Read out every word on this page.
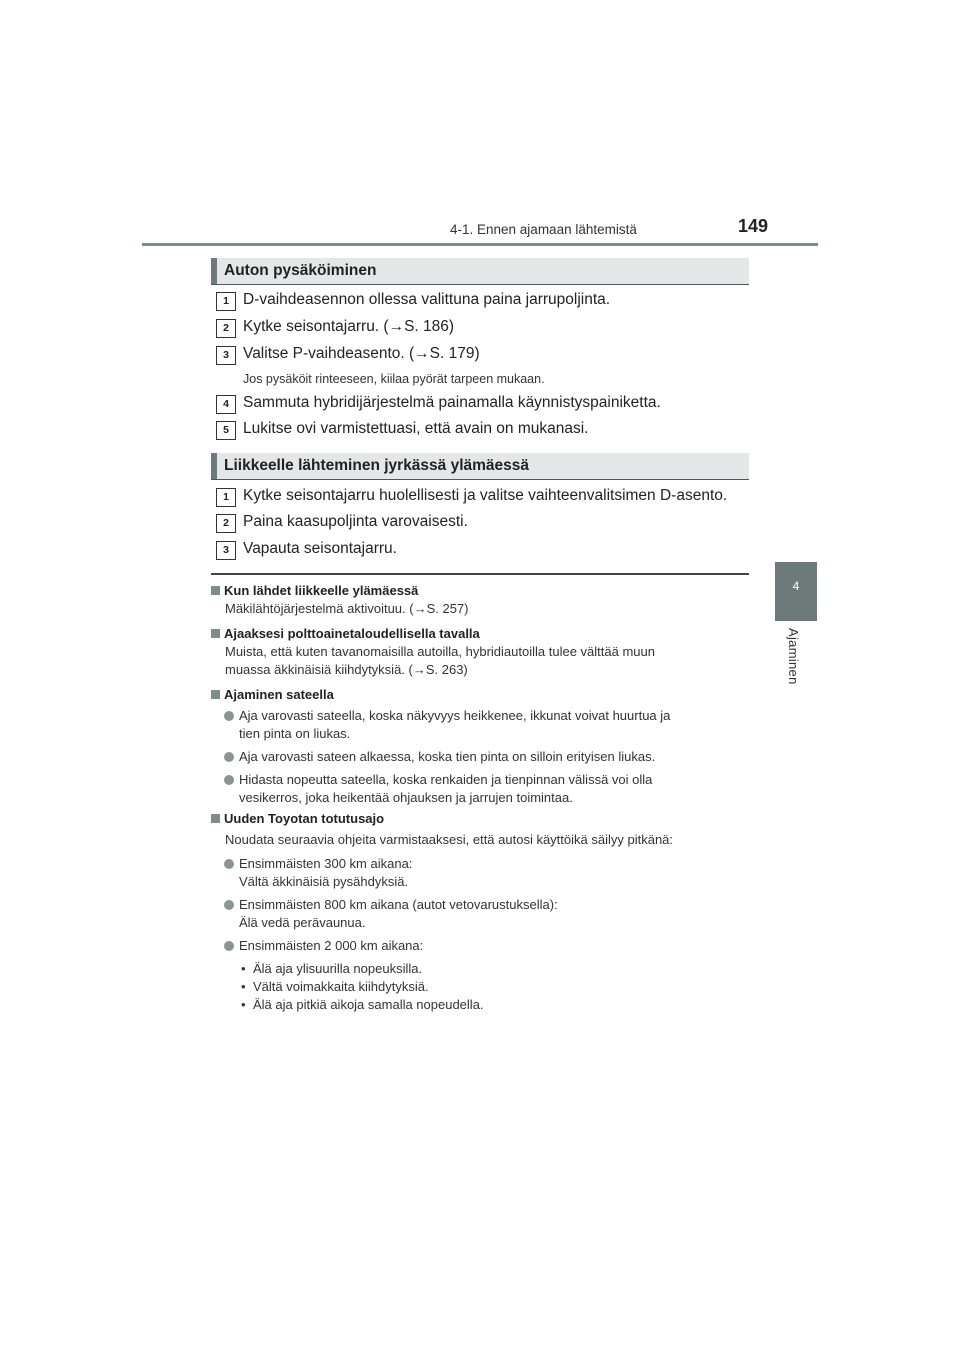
4-1. Ennen ajamaan lähtemistä	149
4
Ajaminen
Auton pysäköiminen
1 D-vaihdeasennon ollessa valittuna paina jarrupoljinta.
2 Kytke seisontajarru. (→S. 186)
3 Valitse P-vaihdeasento. (→S. 179)
Jos pysäköit rinteeseen, kiilaa pyörät tarpeen mukaan.
4 Sammuta hybridijärjestelmä painamalla käynnistyspainiketta.
5 Lukitse ovi varmistettuasi, että avain on mukanasi.
Liikkeelle lähteminen jyrkässä ylämäessä
1 Kytke seisontajarru huolellisesti ja valitse vaihteenvalitsimen D-asento.
2 Paina kaasupoljinta varovaisesti.
3 Vapauta seisontajarru.
Kun lähdet liikkeelle ylämäessä
Mäkilähtöjärjestelmä aktivoituu. (→S. 257)
Ajaaksesi polttoainetaloudellisella tavalla
Muista, että kuten tavanomaisilla autoilla, hybridiautoilla tulee välttää muun
muassa äkkinäisiä kiihdytyksiä. (→S. 263)
Ajaminen sateella
Aja varovasti sateella, koska näkyvyys heikkenee, ikkunat voivat huurtua ja
tien pinta on liukas.
Aja varovasti sateen alkaessa, koska tien pinta on silloin erityisen liukas.
Hidasta nopeutta sateella, koska renkaiden ja tienpinnan välissä voi olla
vesikerros, joka heikentää ohjauksen ja jarrujen toimintaa.
Uuden Toyotan totutusajo
Noudata seuraavia ohjeita varmistaaksesi, että autosi käyttöikä säilyy pitkänä:
Ensimmäisten 300 km aikana:
Vältä äkkinäisiä pysähdyksiä.
Ensimmäisten 800 km aikana (autot vetovarustuksella):
Älä vedä perävaunua.
Ensimmäisten 2 000 km aikana:
• Älä aja ylisuurilla nopeuksilla.
• Vältä voimakkaita kiihdytyksiä.
• Älä aja pitkiä aikoja samalla nopeudella.
